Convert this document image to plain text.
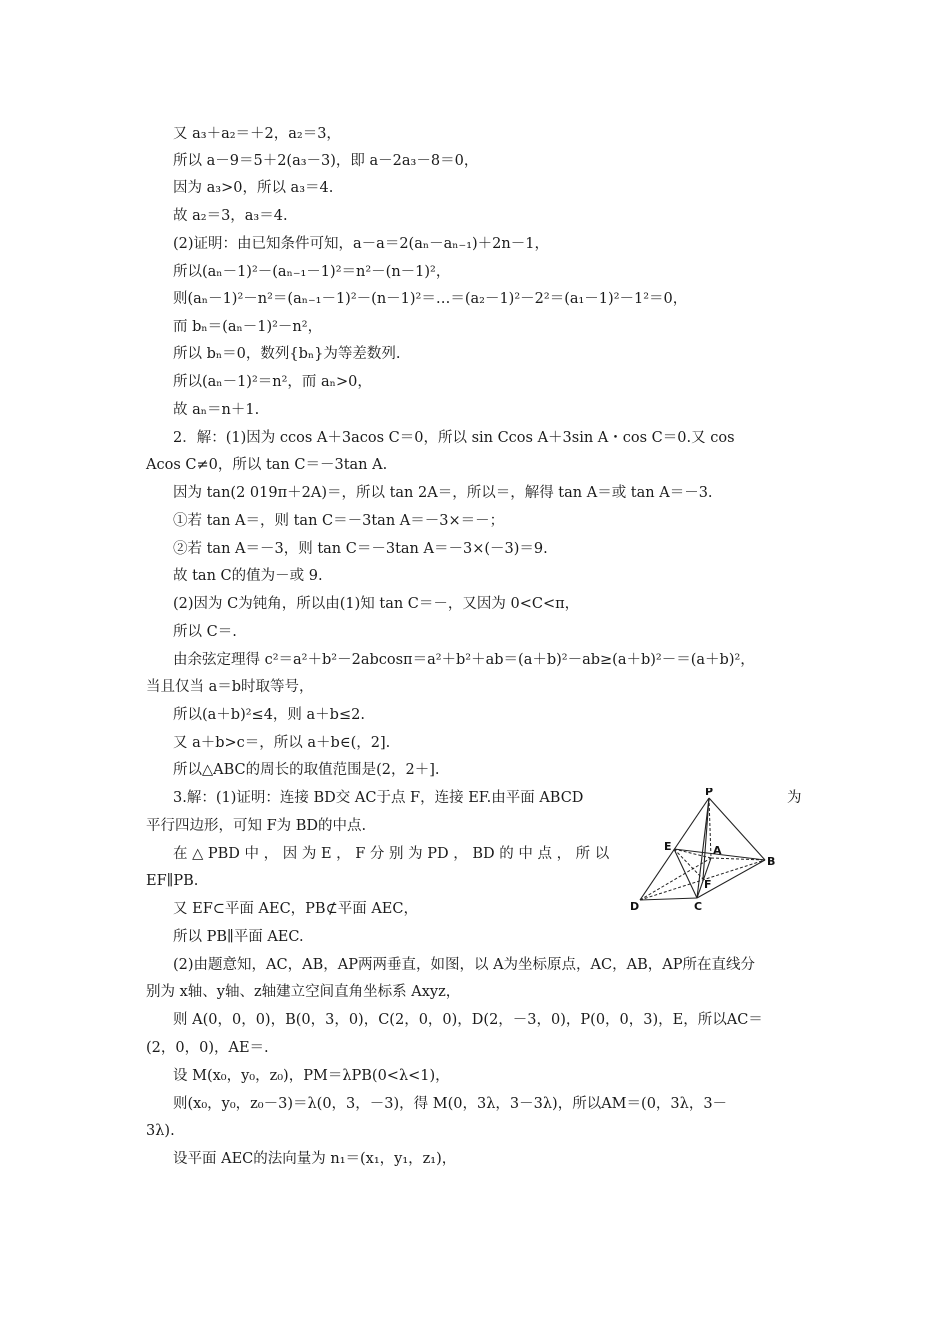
又 a₃＋a₂＝＋2，a₂＝3，
所以 a－9＝5＋2(a₃－3)，即 a－2a₃－8＝0，
因为 a₃>0，所以 a₃＝4.
故 a₂＝3，a₃＝4.
(2)证明：由已知条件可知，a－a＝2(aₙ－aₙ₋₁)＋2n－1，
所以(aₙ－1)²－(aₙ₋₁－1)²＝n²－(n－1)²，
则(aₙ－1)²－n²＝(aₙ₋₁－1)²－(n－1)²＝…＝(a₂－1)²－2²＝(a₁－1)²－1²＝0，
而 bₙ＝(aₙ－1)²－n²，
所以 bₙ＝0，数列{bₙ}为等差数列.
所以(aₙ－1)²＝n²，而 aₙ>0，
故 aₙ＝n＋1.
2．解：(1)因为 ccos A＋3acos C＝0，所以 sin Ccos A＋3sin A・cos C＝0.又 cos
Acos C≠0，所以 tan C＝－3tan A.
因为 tan(2 019π＋2A)＝，所以 tan 2A＝，所以＝，解得 tan A＝或 tan A＝－3.
①若 tan A＝，则 tan C＝－3tan A＝－3×＝－；
②若 tan A＝－3，则 tan C＝－3tan A＝－3×(－3)＝9.
故 tan C的值为－或 9.
(2)因为 C为钝角，所以由(1)知 tan C＝－，又因为 0<C<π，
所以 C＝.
由余弦定理得 c²＝a²＋b²－2abcosπ＝a²＋b²＋ab＝(a＋b)²－ab≥(a＋b)²－＝(a＋b)²，
当且仅当 a＝b时取等号，
所以(a＋b)²≤4，则 a＋b≤2.
又 a＋b>c＝，所以 a＋b∈(，2].
所以△ABC的周长的取值范围是(2，2＋].
3.解：(1)证明：连接 BD交 AC于点 F，连接 EF.由平面 ABCD	为
平行四边形，可知 F为 BD的中点.
在 △ PBD 中 ， 因 为 E ， F 分 别 为 PD ， BD 的 中 点 ， 所 以
EF∥PB.
又 EF⊂平面 AEC，PB⊄平面 AEC，
所以 PB∥平面 AEC.
(2)由题意知，AC，AB，AP两两垂直，如图，以 A为坐标原点，AC，AB，AP所在直线分
别为 x轴、y轴、z轴建立空间直角坐标系 Axyz，
则 A(0，0，0)，B(0，3，0)，C(2，0，0)，D(2，－3，0)，P(0，0，3)，E，所以AC＝
(2，0，0)，AE＝.
设 M(x₀，y₀，z₀)，PM＝λPB(0<λ<1)，
则(x₀，y₀，z₀－3)＝λ(0，3，－3)，得 M(0，3λ，3－3λ)，所以AM＝(0，3λ，3－
3λ).
设平面 AEC的法向量为 n₁＝(x₁，y₁，z₁)，
P
E	A
B
F
D	C
